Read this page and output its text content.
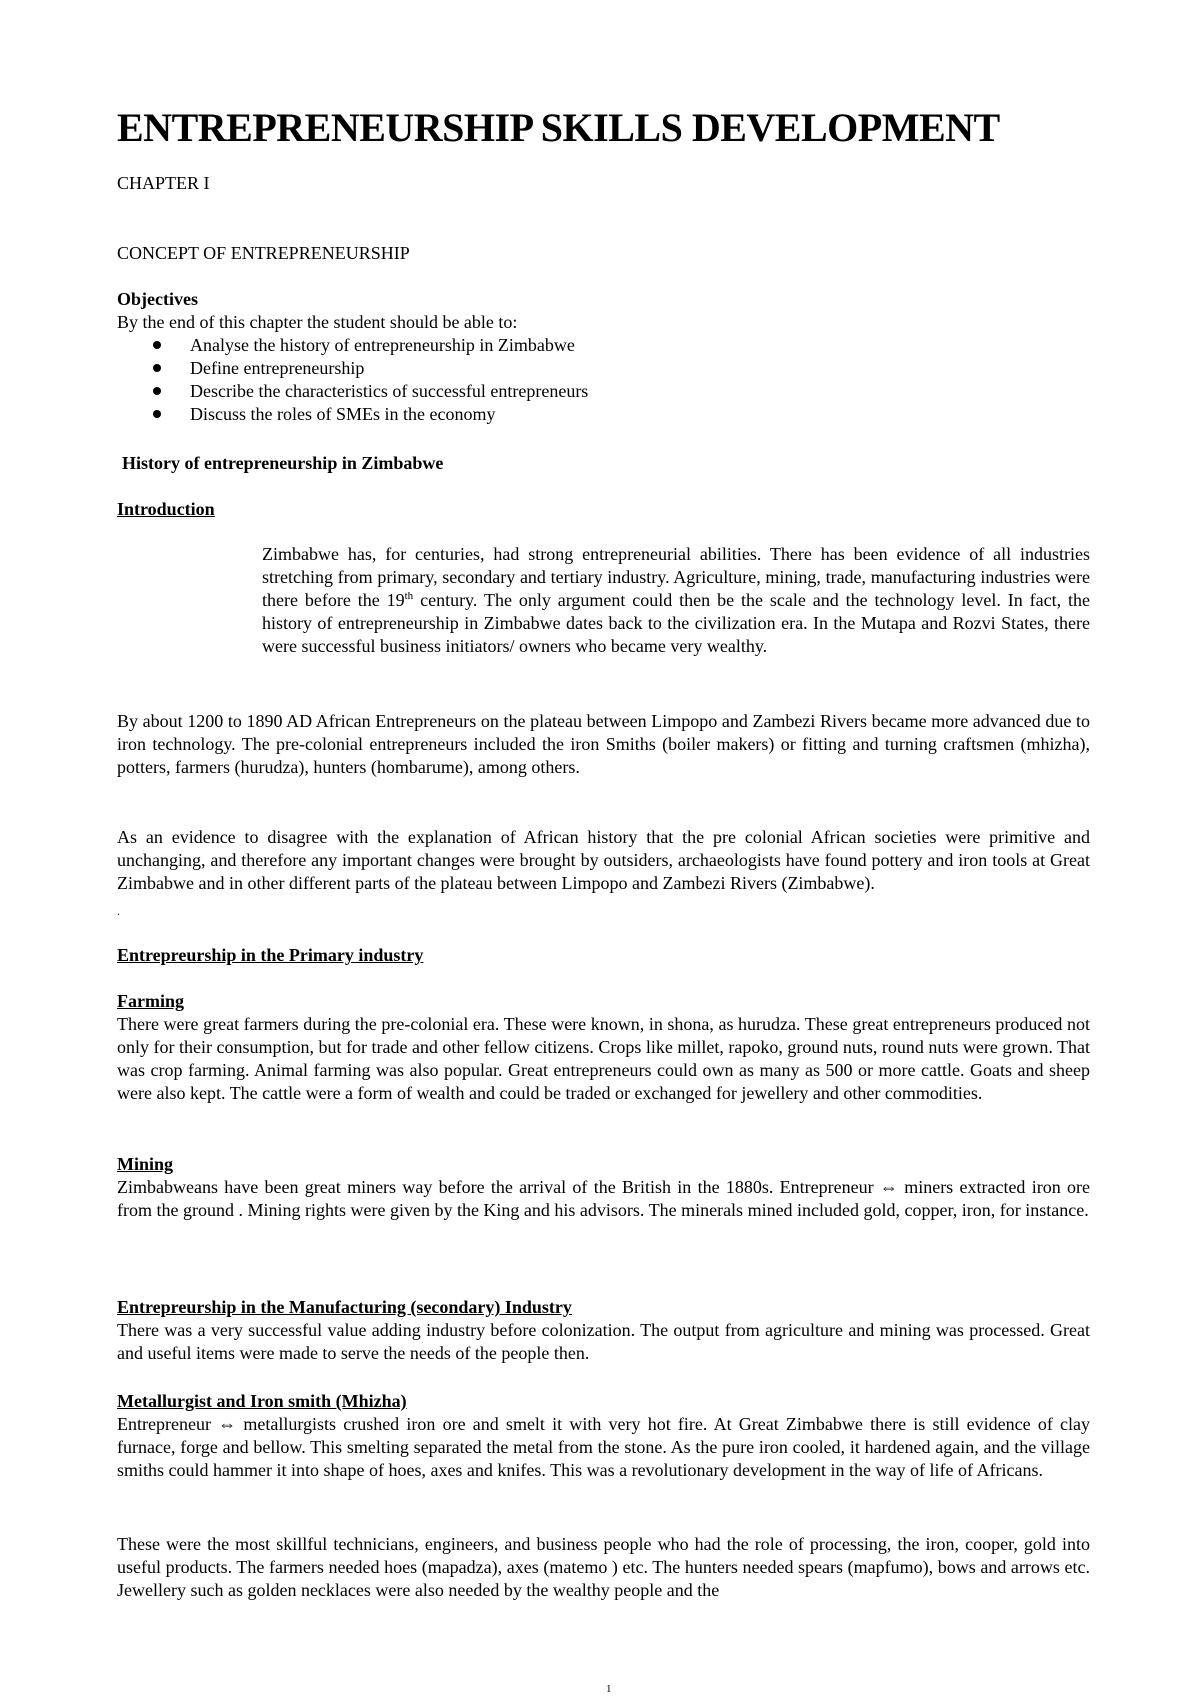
ENTREPRENEURSHIP SKILLS DEVELOPMENT
CHAPTER I
CONCEPT OF ENTREPRENEURSHIP
Objectives
By the end of this chapter the student should be able to:
Analyse the history of entrepreneurship in Zimbabwe
Define entrepreneurship
Describe the characteristics of successful entrepreneurs
Discuss the roles of SMEs in the economy
History of entrepreneurship in Zimbabwe
Introduction

Zimbabwe has, for centuries, had strong entrepreneurial abilities. There has been evidence of all industries stretching from primary, secondary and tertiary industry. Agriculture, mining, trade, manufacturing industries were there before the 19th century. The only argument could then be the scale and the technology level. In fact, the history of entrepreneurship in Zimbabwe dates back to the civilization era. In the Mutapa and Rozvi States, there were successful business initiators/ owners who became very wealthy.

By about 1200 to 1890 AD African Entrepreneurs on the plateau between Limpopo and Zambezi Rivers became more advanced due to iron technology. The pre-colonial entrepreneurs included the iron Smiths (boiler makers) or fitting and turning craftsmen (mhizha), potters, farmers (hurudza), hunters (hombarume), among others.

As an evidence to disagree with the explanation of African history that the pre colonial African societies were primitive and unchanging, and therefore any important changes were brought by outsiders, archaeologists have found pottery and iron tools at Great Zimbabwe and in other different parts of the plateau between Limpopo and Zambezi Rivers (Zimbabwe).

.
Entrepreurship in the Primary industry
Farming

There were great farmers during the pre-colonial era. These were known, in shona, as hurudza. These great entrepreneurs produced not only for their consumption, but for trade and other fellow citizens. Crops like millet, rapoko, ground nuts, round nuts were grown. That was crop farming. Animal farming was also popular. Great entrepreneurs could own as many as 500 or more cattle. Goats and sheep were also kept. The cattle were a form of wealth and could be traded or exchanged for jewellery and other commodities.

Mining

Zimbabweans have been great miners way before the arrival of the British in the 1880s. Entrepreneur ⇔ miners extracted iron ore from the ground . Mining rights were given by the King and his advisors. The minerals mined included gold, copper, iron, for instance.

Entrepreurship in the Manufacturing (secondary) Industry

There was a very successful value adding industry before colonization. The output from agriculture and mining was processed. Great and useful items were made to serve the needs of the people then.

Metallurgist and Iron smith (Mhizha)

Entrepreneur ⇔ metallurgists crushed iron ore and smelt it with very hot fire. At Great Zimbabwe there is still evidence of clay furnace, forge and bellow. This smelting separated the metal from the stone. As the pure iron cooled, it hardened again, and the village smiths could hammer it into shape of hoes, axes and knifes. This was a revolutionary development in the way of life of Africans.

These were the most skillful technicians, engineers, and business people who had the role of processing, the iron, cooper, gold into useful products. The farmers needed hoes (mapadza), axes (matemo ) etc. The hunters needed spears (mapfumo), bows and arrows etc. Jewellery such as golden necklaces were also needed by the wealthy people and the

1
